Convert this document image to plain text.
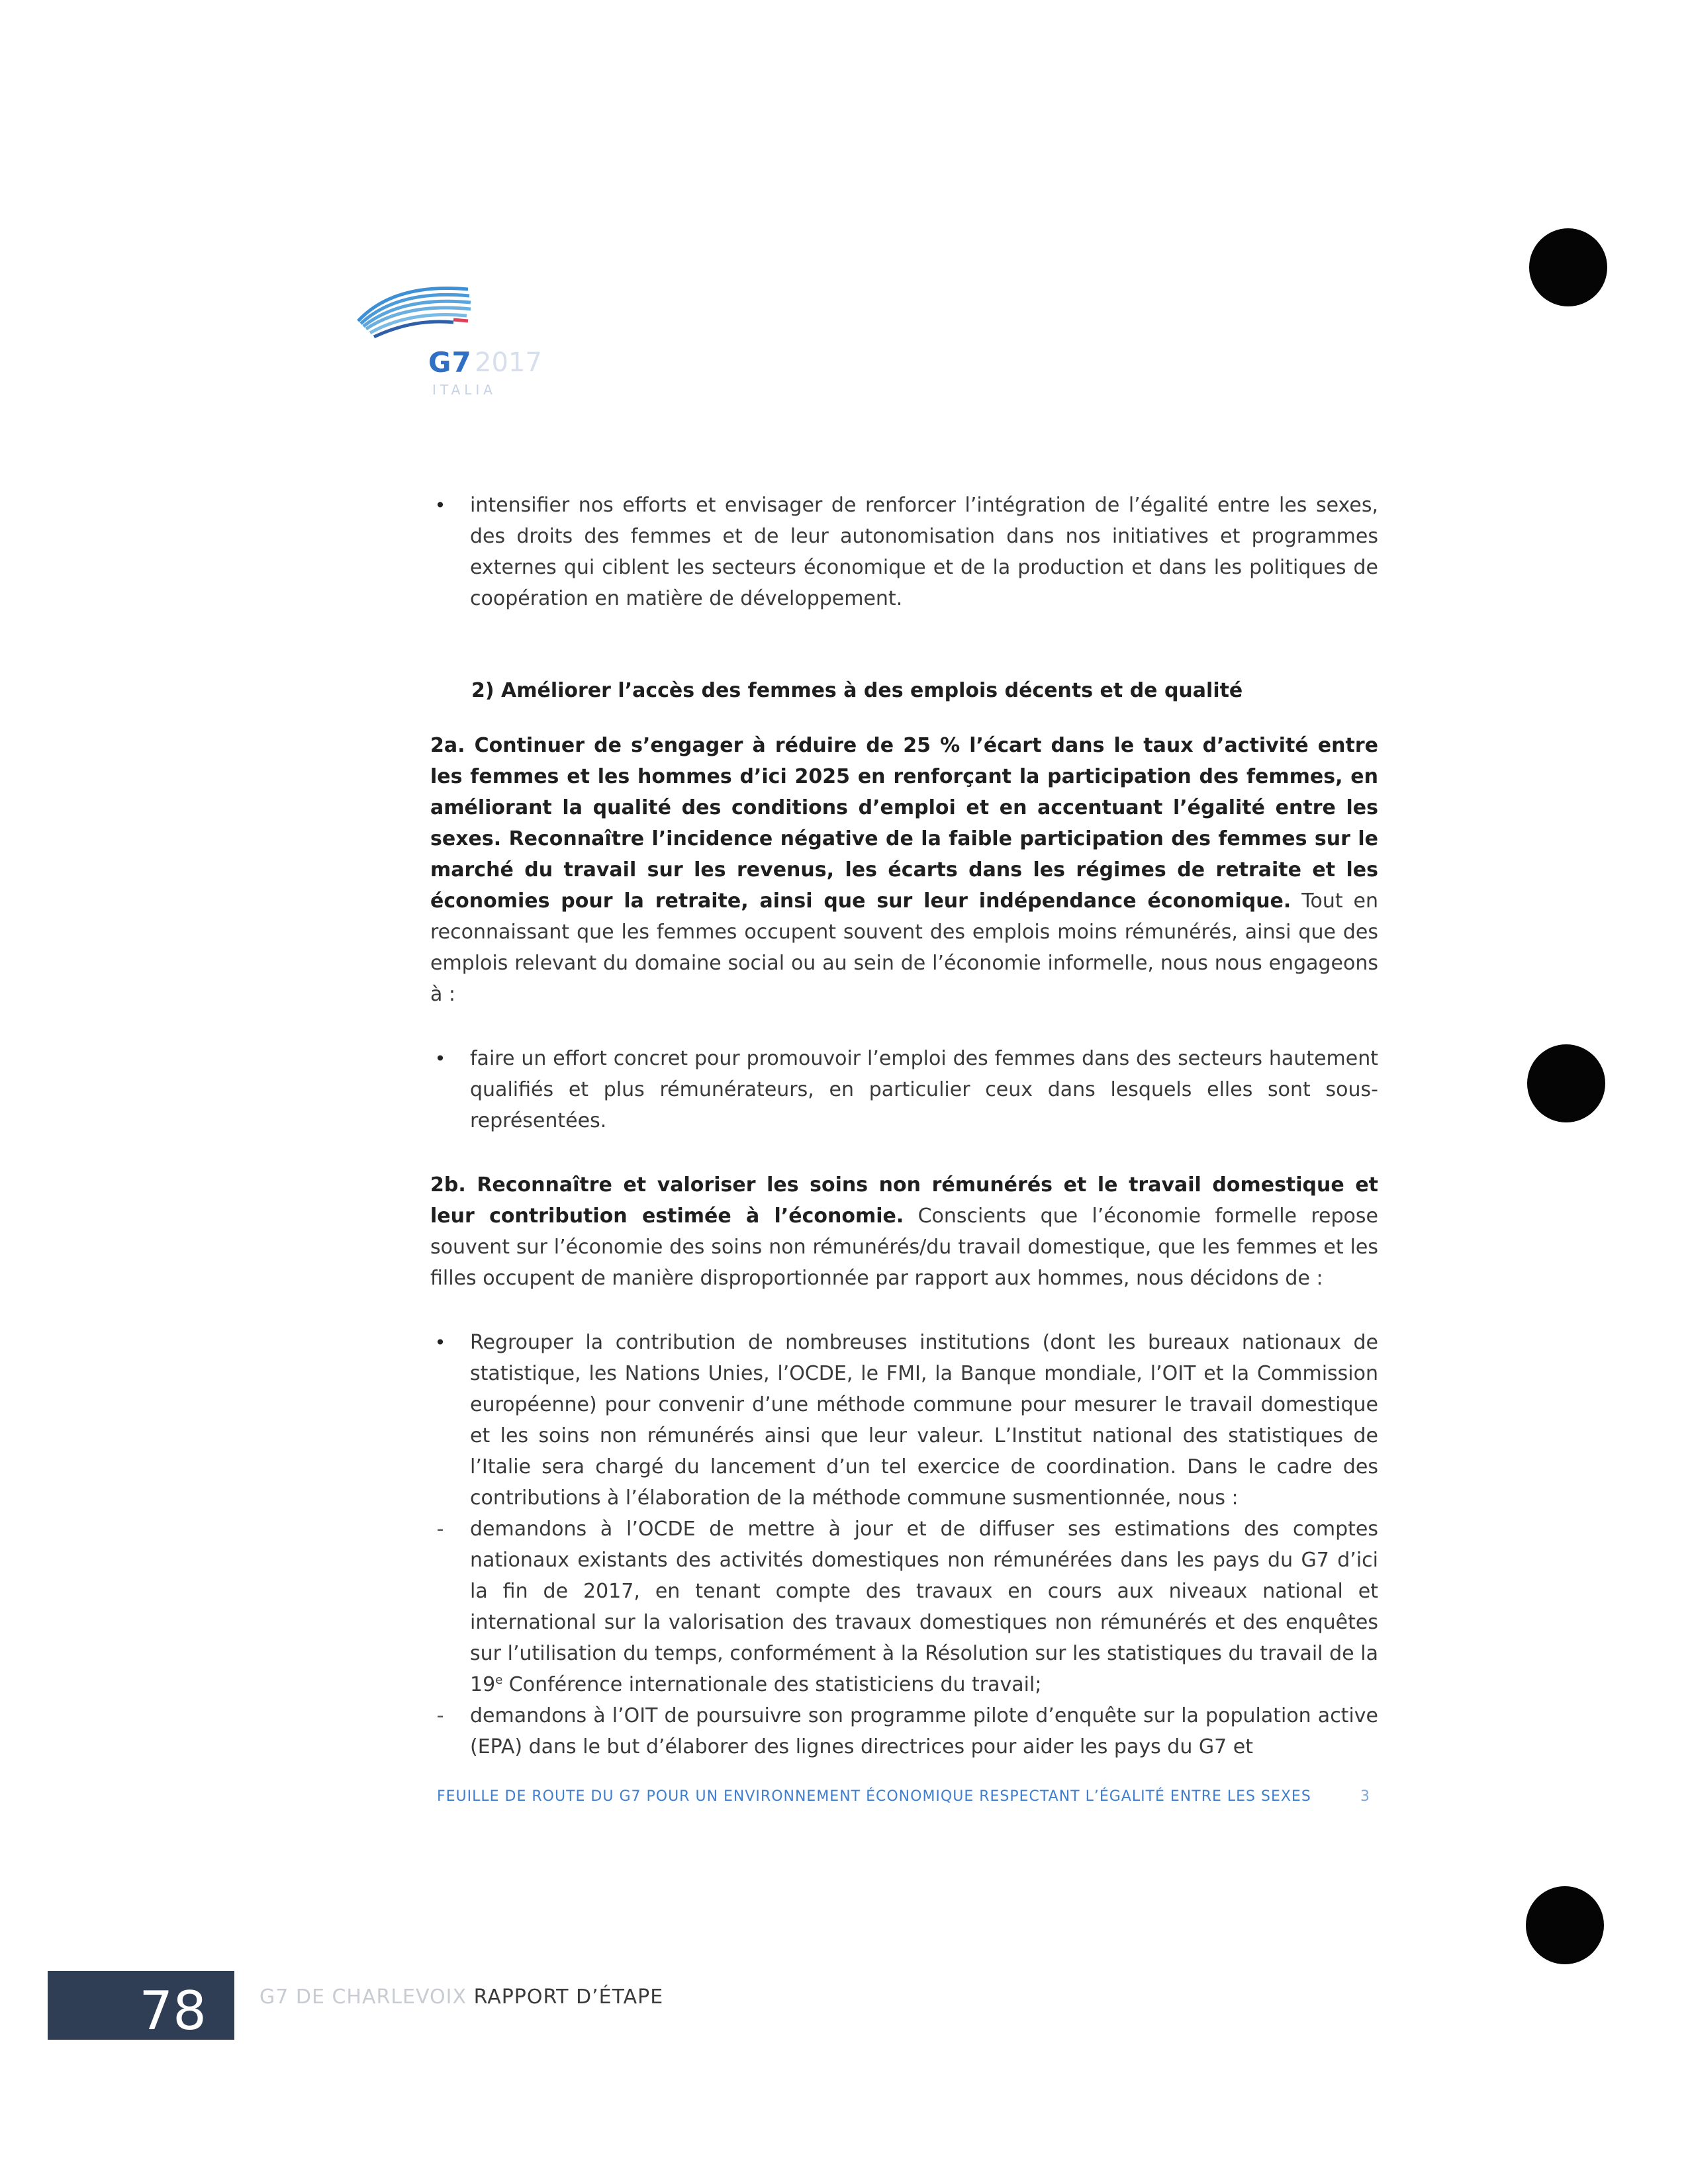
G7 2017
ITALIA

• intensifier nos efforts et envisager de renforcer l’intégration de l’égalité entre les sexes, des droits des femmes et de leur autonomisation dans nos initiatives et programmes externes qui ciblent les secteurs économique et de la production et dans les politiques de coopération en matière de développement.

2) Améliorer l’accès des femmes à des emplois décents et de qualité

2a. Continuer de s’engager à réduire de 25 % l’écart dans le taux d’activité entre les femmes et les hommes d’ici 2025 en renforçant la participation des femmes, en améliorant la qualité des conditions d’emploi et en accentuant l’égalité entre les sexes. Reconnaître l’incidence négative de la faible participation des femmes sur le marché du travail sur les revenus, les écarts dans les régimes de retraite et les économies pour la retraite, ainsi que sur leur indépendance économique. Tout en reconnaissant que les femmes occupent souvent des emplois moins rémunérés, ainsi que des emplois relevant du domaine social ou au sein de l’économie informelle, nous nous engageons à :

• faire un effort concret pour promouvoir l’emploi des femmes dans des secteurs hautement qualifiés et plus rémunérateurs, en particulier ceux dans lesquels elles sont sous-représentées.

2b. Reconnaître et valoriser les soins non rémunérés et le travail domestique et leur contribution estimée à l’économie. Conscients que l’économie formelle repose souvent sur l’économie des soins non rémunérés/du travail domestique, que les femmes et les filles occupent de manière disproportionnée par rapport aux hommes, nous décidons de :

• Regrouper la contribution de nombreuses institutions (dont les bureaux nationaux de statistique, les Nations Unies, l’OCDE, le FMI, la Banque mondiale, l’OIT et la Commission européenne) pour convenir d’une méthode commune pour mesurer le travail domestique et les soins non rémunérés ainsi que leur valeur. L’Institut national des statistiques de l’Italie sera chargé du lancement d’un tel exercice de coordination. Dans le cadre des contributions à l’élaboration de la méthode commune susmentionnée, nous :

-	demandons à l’OCDE de mettre à jour et de diffuser ses estimations des comptes nationaux existants des activités domestiques non rémunérées dans les pays du G7 d’ici la fin de 2017, en tenant compte des travaux en cours aux niveaux national et international sur la valorisation des travaux domestiques non rémunérés et des enquêtes sur l’utilisation du temps, conformément à la Résolution sur les statistiques du travail de la 19e Conférence internationale des statisticiens du travail;

-	demandons à l’OIT de poursuivre son programme pilote d’enquête sur la population active (EPA) dans le but d’élaborer des lignes directrices pour aider les pays du G7 et

FEUILLE DE ROUTE DU G7 POUR UN ENVIRONNEMENT ÉCONOMIQUE RESPECTANT L’ÉGALITÉ ENTRE LES SEXES	3
78	G7 DE CHARLEVOIX RAPPORT D’ÉTAPE
